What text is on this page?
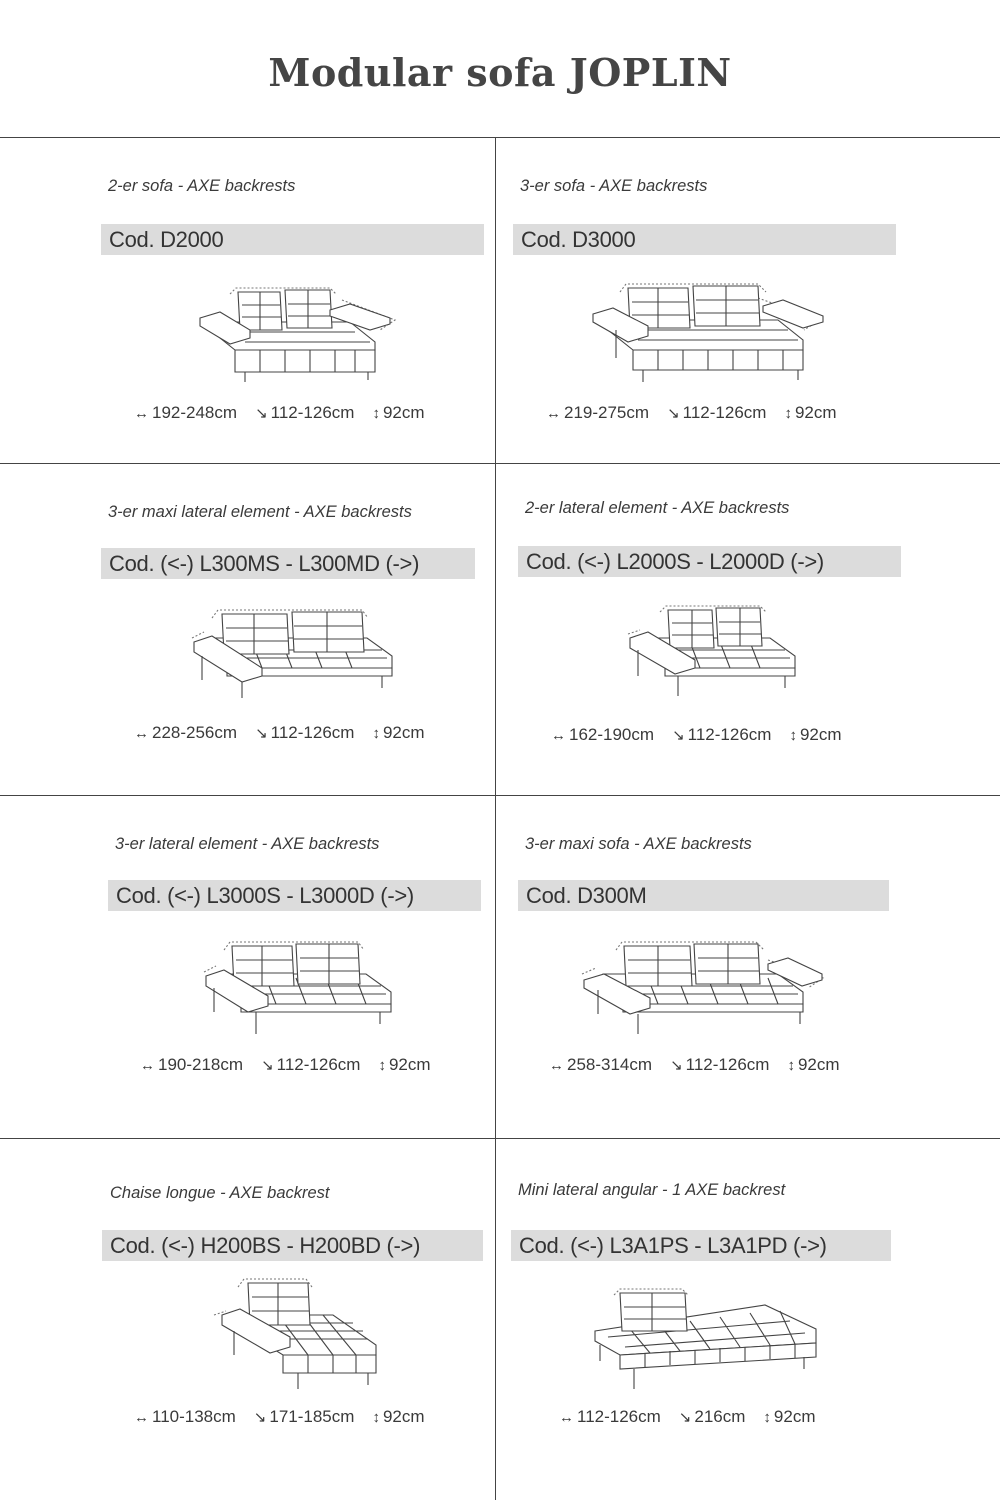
Modular sofa JOPLIN
2-er sofa - AXE backrests
Cod. D2000
↔ 192-248cm ↘ 112-126cm ↕ 92cm
3-er sofa - AXE backrests
Cod. D3000
↔ 219-275cm ↘ 112-126cm ↕ 92cm
3-er maxi lateral element - AXE backrests
Cod. (<-) L300MS - L300MD (->)
↔ 228-256cm ↘ 112-126cm ↕ 92cm
2-er lateral element - AXE backrests
Cod. (<-) L2000S - L2000D (->)
↔ 162-190cm ↘ 112-126cm ↕ 92cm
3-er lateral element - AXE backrests
Cod. (<-) L3000S - L3000D (->)
↔ 190-218cm ↘ 112-126cm ↕ 92cm
3-er maxi sofa - AXE backrests
Cod. D300M
↔ 258-314cm ↘ 112-126cm ↕ 92cm
Chaise longue - AXE backrest
Cod. (<-) H200BS - H200BD (->)
↔ 110-138cm ↘ 171-185cm ↕ 92cm
Mini lateral angular - 1 AXE backrest
Cod. (<-) L3A1PS - L3A1PD (->)
↔ 112-126cm ↘ 216cm ↕ 92cm
